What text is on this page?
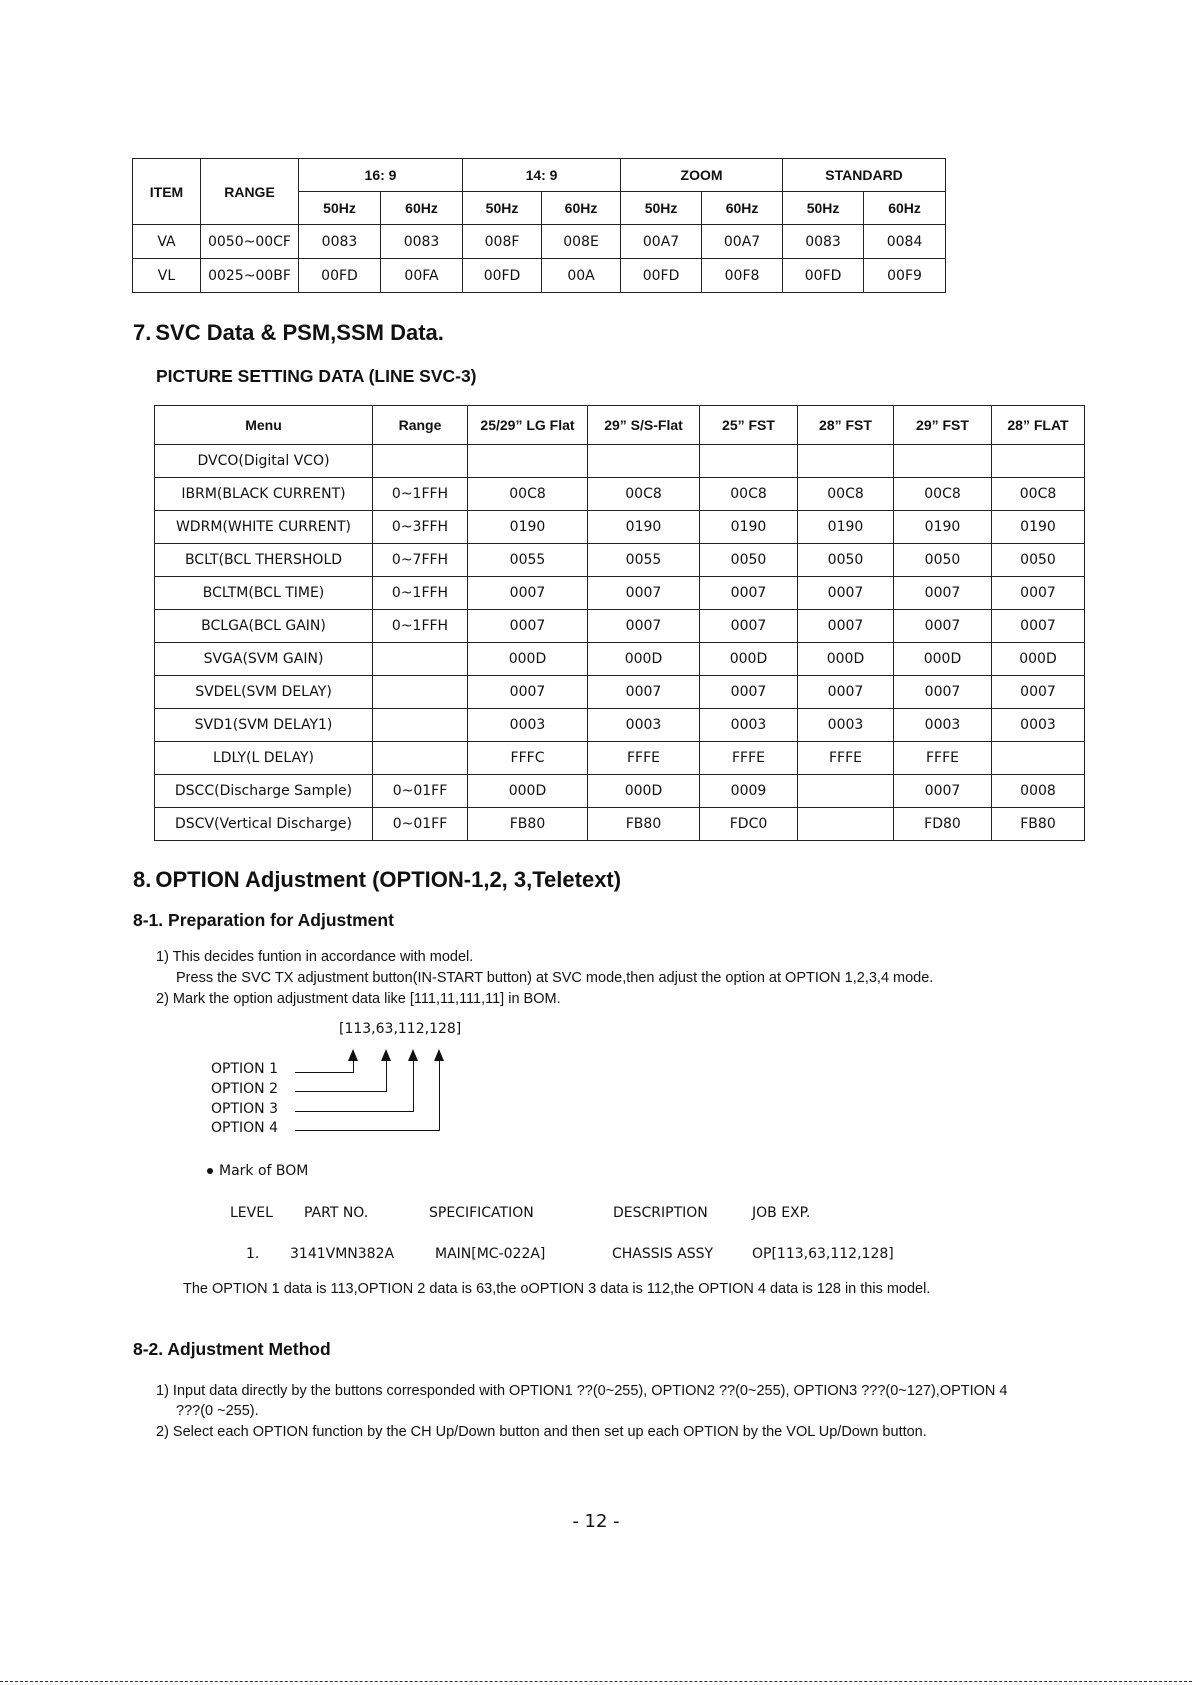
ITEM	RANGE	16: 9		14: 9		ZOOM		STANDARD	
		50Hz	60Hz	50Hz	60Hz	50Hz	60Hz	50Hz	60Hz
VA	0050~00CF	0083	0083	008F	008E	00A7	00A7	0083	0084
VL	0025~00BF	00FD	00FA	00FD	00A	00FD	00F8	00FD	00F9
7. SVC Data & PSM,SSM Data.
PICTURE SETTING DATA (LINE SVC-3)
Menu	Range	25/29” LG Flat	29” S/S-Flat	25” FST	28” FST	29” FST	28” FLAT
DVCO(Digital VCO)							
IBRM(BLACK CURRENT)	0~1FFH	00C8	00C8	00C8	00C8	00C8	00C8
WDRM(WHITE CURRENT)	0~3FFH	0190	0190	0190	0190	0190	0190
BCLT(BCL THERSHOLD	0~7FFH	0055	0055	0050	0050	0050	0050
BCLTM(BCL TIME)	0~1FFH	0007	0007	0007	0007	0007	0007
BCLGA(BCL GAIN)	0~1FFH	0007	0007	0007	0007	0007	0007
SVGA(SVM GAIN)		000D	000D	000D	000D	000D	000D
SVDEL(SVM DELAY)		0007	0007	0007	0007	0007	0007
SVD1(SVM DELAY1)		0003	0003	0003	0003	0003	0003
LDLY(L DELAY)		FFFC	FFFE	FFFE	FFFE	FFFE	
DSCC(Discharge Sample)	0~01FF	000D	000D	0009		0007	0008
DSCV(Vertical Discharge)	0~01FF	FB80	FB80	FDC0		FD80	FB80
8. OPTION Adjustment (OPTION-1,2, 3,Teletext)
8-1. Preparation for Adjustment
1) This decides funtion in accordance with model.
Press the SVC TX adjustment button(IN-START button) at SVC mode,then adjust the option at OPTION 1,2,3,4 mode.
2) Mark the option adjustment data like [111,11,111,11] in BOM.
[113,63,112,128]
OPTION 1
OPTION 2
OPTION 3
OPTION 4
Mark of BOM
LEVEL PART NO.	SPECIFICATION	DESCRIPTION	JOB EXP.
1. 3141VMN382A	MAIN[MC-022A]	CHASSIS ASSY	OP[113,63,112,128]
The OPTION 1 data is 113,OPTION 2 data is 63,the oOPTION 3 data is 112,the OPTION 4 data is 128 in this model.
8-2. Adjustment Method
1) Input data directly by the buttons corresponded with OPTION1 ??(0~255), OPTION2 ??(0~255), OPTION3 ???(0~127),OPTION 4
???(0 ~255).
2) Select each OPTION function by the CH Up/Down button and then set up each OPTION by the VOL Up/Down button.
- 12 -
